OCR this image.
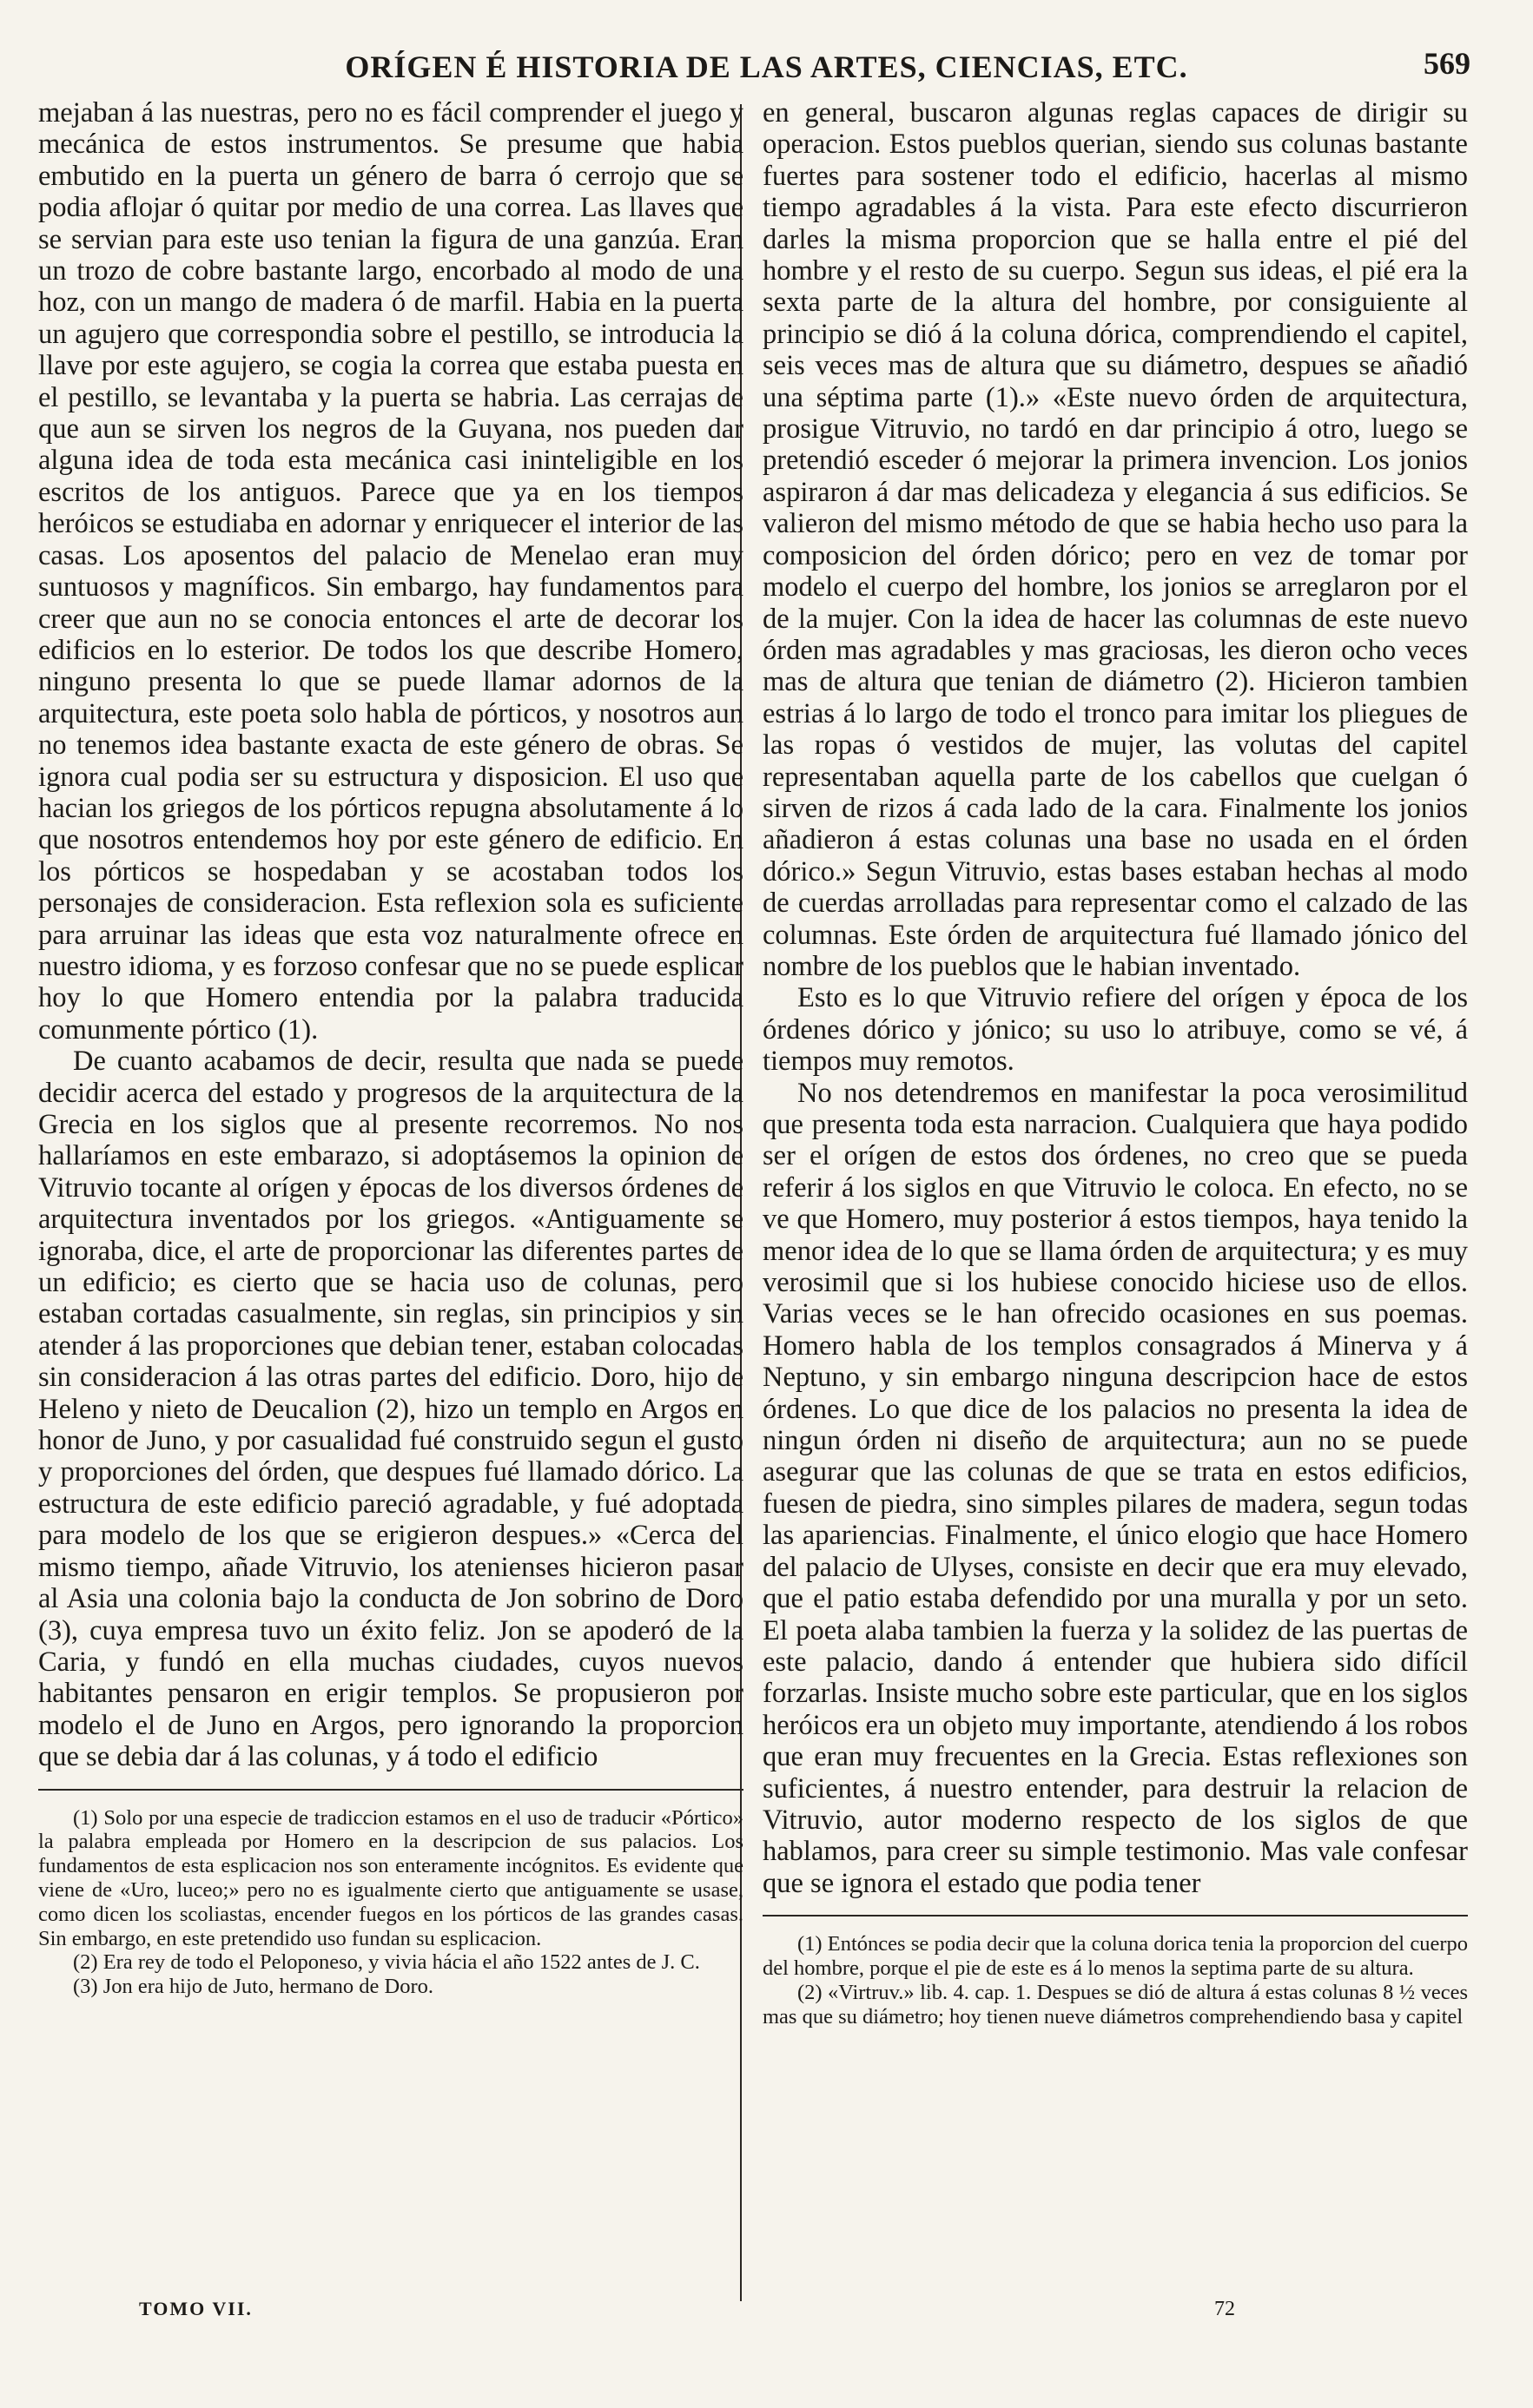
ORÍGEN É HISTORIA DE LAS ARTES, CIENCIAS, ETC.	569

mejaban á las nuestras, pero no es fácil comprender el juego y mecánica de estos instrumentos. Se presume que habia embutido en la puerta un género de barra ó cerrojo que se podia aflojar ó quitar por medio de una correa. Las llaves que se servian para este uso tenian la figura de una ganzúa. Eran un trozo de cobre bastante largo, encorbado al modo de una hoz, con un mango de madera ó de marfil. Habia en la puerta un agujero que correspondia sobre el pestillo, se introducia la llave por este agujero, se cogia la correa que estaba puesta en el pestillo, se levantaba y la puerta se habria. Las cerrajas de que aun se sirven los negros de la Guyana, nos pueden dar alguna idea de toda esta mecánica casi ininteligible en los escritos de los antiguos. Parece que ya en los tiempos heróicos se estudiaba en adornar y enriquecer el interior de las casas. Los aposentos del palacio de Menelao eran muy suntuosos y magníficos. Sin embargo, hay fundamentos para creer que aun no se conocia entonces el arte de decorar los edificios en lo esterior. De todos los que describe Homero, ninguno presenta lo que se puede llamar adornos de la arquitectura, este poeta solo habla de pórticos, y nosotros aun no tenemos idea bastante exacta de este género de obras. Se ignora cual podia ser su estructura y disposicion. El uso que hacian los griegos de los pórticos repugna absolutamente á lo que nosotros entendemos hoy por este género de edificio. En los pórticos se hospedaban y se acostaban todos los personajes de consideracion. Esta reflexion sola es suficiente para arruinar las ideas que esta voz naturalmente ofrece en nuestro idioma, y es forzoso confesar que no se puede esplicar hoy lo que Homero entendia por la palabra traducida comunmente pórtico (1).

De cuanto acabamos de decir, resulta que nada se puede decidir acerca del estado y progresos de la arquitectura de la Grecia en los siglos que al presente recorremos. No nos hallaríamos en este embarazo, si adoptásemos la opinion de Vitruvio tocante al orígen y épocas de los diversos órdenes de arquitectura inventados por los griegos. «Antiguamente se ignoraba, dice, el arte de proporcionar las diferentes partes de un edificio; es cierto que se hacia uso de colunas, pero estaban cortadas casualmente, sin reglas, sin principios y sin atender á las proporciones que debian tener, estaban colocadas sin consideracion á las otras partes del edificio. Doro, hijo de Heleno y nieto de Deucalion (2), hizo un templo en Argos en honor de Juno, y por casualidad fué construido segun el gusto y proporciones del órden, que despues fué llamado dórico. La estructura de este edificio pareció agradable, y fué adoptada para modelo de los que se erigieron despues.» «Cerca del mismo tiempo, añade Vitruvio, los atenienses hicieron pasar al Asia una colonia bajo la conducta de Jon sobrino de Doro (3), cuya empresa tuvo un éxito feliz. Jon se apoderó de la Caria, y fundó en ella muchas ciudades, cuyos nuevos habitantes pensaron en erigir templos. Se propusieron por modelo el de Juno en Argos, pero ignorando la proporcion que se debia dar á las colunas, y á todo el edificio

(1) Solo por una especie de tradiccion estamos en el uso de traducir «Pórtico» la palabra empleada por Homero en la descripcion de sus palacios. Los fundamentos de esta esplicacion nos son enteramente incógnitos. Es evidente que viene de «Uro, luceo;» pero no es igualmente cierto que antiguamente se usase, como dicen los scoliastas, encender fuegos en los pórticos de las grandes casas. Sin embargo, en este pretendido uso fundan su esplicacion.

(2) Era rey de todo el Peloponeso, y vivia hácia el año 1522 antes de J. C.

(3) Jon era hijo de Juto, hermano de Doro.

en general, buscaron algunas reglas capaces de dirigir su operacion. Estos pueblos querian, siendo sus colunas bastante fuertes para sostener todo el edificio, hacerlas al mismo tiempo agradables á la vista. Para este efecto discurrieron darles la misma proporcion que se halla entre el pié del hombre y el resto de su cuerpo. Segun sus ideas, el pié era la sexta parte de la altura del hombre, por consiguiente al principio se dió á la coluna dórica, comprendiendo el capitel, seis veces mas de altura que su diámetro, despues se añadió una séptima parte (1).» «Este nuevo órden de arquitectura, prosigue Vitruvio, no tardó en dar principio á otro, luego se pretendió esceder ó mejorar la primera invencion. Los jonios aspiraron á dar mas delicadeza y elegancia á sus edificios. Se valieron del mismo método de que se habia hecho uso para la composicion del órden dórico; pero en vez de tomar por modelo el cuerpo del hombre, los jonios se arreglaron por el de la mujer. Con la idea de hacer las columnas de este nuevo órden mas agradables y mas graciosas, les dieron ocho veces mas de altura que tenian de diámetro (2). Hicieron tambien estrias á lo largo de todo el tronco para imitar los pliegues de las ropas ó vestidos de mujer, las volutas del capitel representaban aquella parte de los cabellos que cuelgan ó sirven de rizos á cada lado de la cara. Finalmente los jonios añadieron á estas colunas una base no usada en el órden dórico.» Segun Vitruvio, estas bases estaban hechas al modo de cuerdas arrolladas para representar como el calzado de las columnas. Este órden de arquitectura fué llamado jónico del nombre de los pueblos que le habian inventado.

Esto es lo que Vitruvio refiere del orígen y época de los órdenes dórico y jónico; su uso lo atribuye, como se vé, á tiempos muy remotos.

No nos detendremos en manifestar la poca verosimilitud que presenta toda esta narracion. Cualquiera que haya podido ser el orígen de estos dos órdenes, no creo que se pueda referir á los siglos en que Vitruvio le coloca. En efecto, no se ve que Homero, muy posterior á estos tiempos, haya tenido la menor idea de lo que se llama órden de arquitectura; y es muy verosimil que si los hubiese conocido hiciese uso de ellos. Varias veces se le han ofrecido ocasiones en sus poemas. Homero habla de los templos consagrados á Minerva y á Neptuno, y sin embargo ninguna descripcion hace de estos órdenes. Lo que dice de los palacios no presenta la idea de ningun órden ni diseño de arquitectura; aun no se puede asegurar que las colunas de que se trata en estos edificios, fuesen de piedra, sino simples pilares de madera, segun todas las apariencias. Finalmente, el único elogio que hace Homero del palacio de Ulyses, consiste en decir que era muy elevado, que el patio estaba defendido por una muralla y por un seto. El poeta alaba tambien la fuerza y la solidez de las puertas de este palacio, dando á entender que hubiera sido difícil forzarlas. Insiste mucho sobre este particular, que en los siglos heróicos era un objeto muy importante, atendiendo á los robos que eran muy frecuentes en la Grecia. Estas reflexiones son suficientes, á nuestro entender, para destruir la relacion de Vitruvio, autor moderno respecto de los siglos de que hablamos, para creer su simple testimonio. Mas vale confesar que se ignora el estado que podia tener

(1) Entónces se podia decir que la coluna dorica tenia la proporcion del cuerpo del hombre, porque el pie de este es á lo menos la septima parte de su altura.

(2) «Virtruv.» lib. 4. cap. 1. Despues se dió de altura á estas colunas 8 ½ veces mas que su diámetro; hoy tienen nueve diámetros comprehendiendo basa y capitel

TOMO VII.	72
